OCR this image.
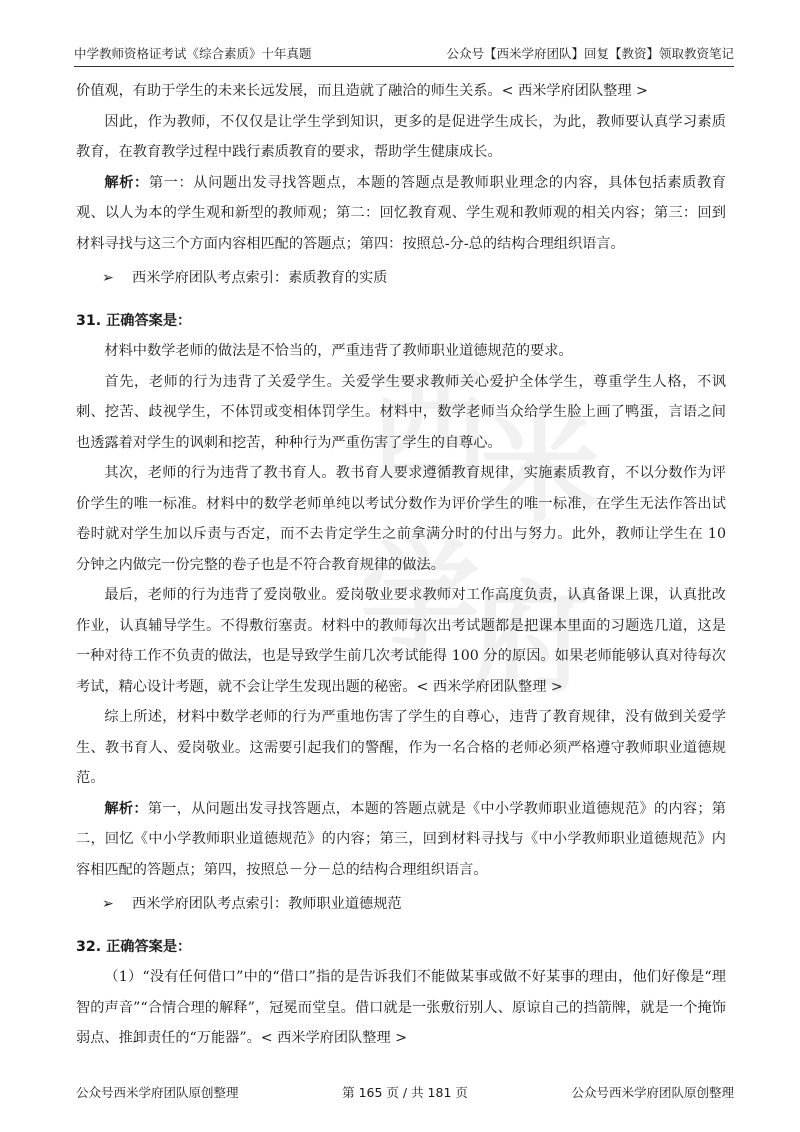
中学教师资格证考试《综合素质》十年真题	公众号【西米学府团队】回复【教资】领取教资笔记
西
米
学
府

价值观，有助于学生的未来长远发展，而且造就了融洽的师生关系。< 西米学府团队整理 >

因此，作为教师，不仅仅是让学生学到知识，更多的是促进学生成长，为此，教师要认真学习素质教育，在教育教学过程中践行素质教育的要求，帮助学生健康成长。

解析：第一：从问题出发寻找答题点，本题的答题点是教师职业理念的内容，具体包括素质教育观、以人为本的学生观和新型的教师观；第二：回忆教育观、学生观和教师观的相关内容；第三：回到材料寻找与这三个方面内容相匹配的答题点；第四：按照总-分-总的结构合理组织语言。

➢ 西米学府团队考点索引：素质教育的实质

31. 正确答案是：

材料中数学老师的做法是不恰当的，严重违背了教师职业道德规范的要求。

首先，老师的行为违背了关爱学生。关爱学生要求教师关心爱护全体学生，尊重学生人格，不讽刺、挖苦、歧视学生，不体罚或变相体罚学生。材料中，数学老师当众给学生脸上画了鸭蛋，言语之间也透露着对学生的讽刺和挖苦，种种行为严重伤害了学生的自尊心。

其次，老师的行为违背了教书育人。教书育人要求遵循教育规律，实施素质教育，不以分数作为评价学生的唯一标准。材料中的数学老师单纯以考试分数作为评价学生的唯一标准，在学生无法作答出试卷时就对学生加以斥责与否定，而不去肯定学生之前拿满分时的付出与努力。此外，教师让学生在 10 分钟之内做完一份完整的卷子也是不符合教育规律的做法。

最后，老师的行为违背了爱岗敬业。爱岗敬业要求教师对工作高度负责，认真备课上课，认真批改作业，认真辅导学生。不得敷衍塞责。材料中的教师每次出考试题都是把课本里面的习题选几道，这是一种对待工作不负责的做法，也是导致学生前几次考试能得 100 分的原因。如果老师能够认真对待每次考试，精心设计考题，就不会让学生发现出题的秘密。< 西米学府团队整理 >

综上所述，材料中数学老师的行为严重地伤害了学生的自尊心，违背了教育规律，没有做到关爱学生、教书育人、爱岗敬业。这需要引起我们的警醒，作为一名合格的老师必须严格遵守教师职业道德规范。

解析：第一，从问题出发寻找答题点，本题的答题点就是《中小学教师职业道德规范》的内容；第二，回忆《中小学教师职业道德规范》的内容；第三，回到材料寻找与《中小学教师职业道德规范》内容相匹配的答题点；第四，按照总－分－总的结构合理组织语言。

➢ 西米学府团队考点索引：教师职业道德规范

32. 正确答案是：

（1）“没有任何借口”中的“借口”指的是告诉我们不能做某事或做不好某事的理由，他们好像是“理智的声音”“合情合理的解释”，冠冕而堂皇。借口就是一张敷衍别人、原谅自己的挡箭牌，就是一个掩饰弱点、推卸责任的“万能器”。< 西米学府团队整理 >

公众号西米学府团队原创整理	第 165 页 / 共 181 页	公众号西米学府团队原创整理
